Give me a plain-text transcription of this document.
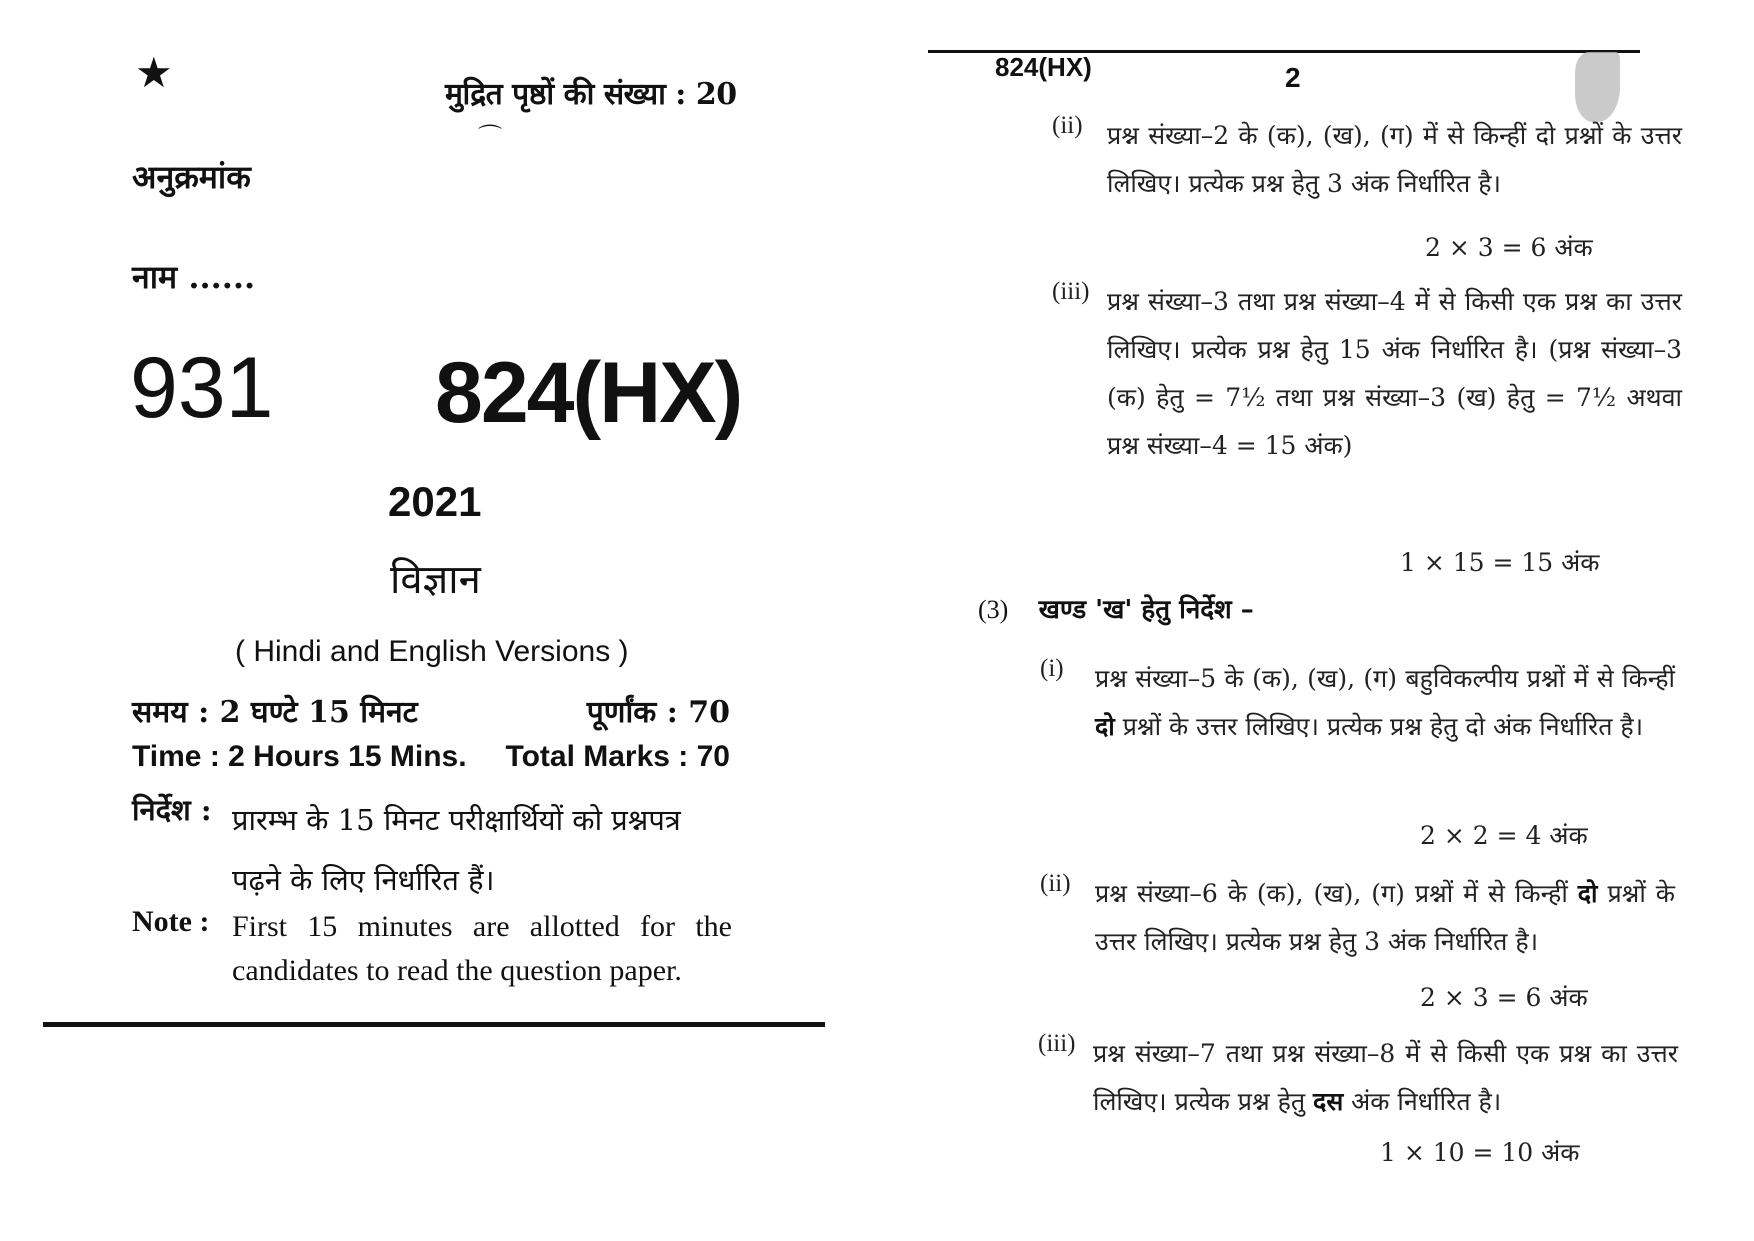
★	मुद्रित पृष्ठों की संख्या : 20
⌒
अनुक्रमांक
नाम ......
931 824(HX)
2021
विज्ञान
( Hindi and English Versions )
समय : 2 घण्टे 15 मिनट	पूर्णांक : 70
Time : 2 Hours 15 Mins. Total Marks : 70
निर्देश : प्रारम्भ के 15 मिनट परीक्षार्थियों को प्रश्नपत्र पढ़ने के लिए निर्धारित हैं।
Note : First 15 minutes are allotted for the candidates to read the question paper.
824(HX)	2
(ii) प्रश्न संख्या–2 के (क), (ख), (ग) में से किन्हीं दो प्रश्नों के उत्तर लिखिए। प्रत्येक प्रश्न हेतु 3 अंक निर्धारित है।
2 × 3 = 6 अंक
(iii) प्रश्न संख्या–3 तथा प्रश्न संख्या–4 में से किसी एक प्रश्न का उत्तर लिखिए। प्रत्येक प्रश्न हेतु 15 अंक निर्धारित है। (प्रश्न संख्या–3 (क) हेतु = 7½ तथा प्रश्न संख्या–3 (ख) हेतु = 7½ अथवा प्रश्न संख्या–4 = 15 अंक)
1 × 15 = 15 अंक
(3) खण्ड 'ख' हेतु निर्देश –
(i) प्रश्न संख्या–5 के (क), (ख), (ग) बहुविकल्पीय प्रश्नों में से किन्हीं दो प्रश्नों के उत्तर लिखिए। प्रत्येक प्रश्न हेतु दो अंक निर्धारित है।
2 × 2 = 4 अंक
(ii) प्रश्न संख्या–6 के (क), (ख), (ग) प्रश्नों में से किन्हीं दो प्रश्नों के उत्तर लिखिए। प्रत्येक प्रश्न हेतु 3 अंक निर्धारित है।
2 × 3 = 6 अंक
(iii) प्रश्न संख्या–7 तथा प्रश्न संख्या–8 में से किसी एक प्रश्न का उत्तर लिखिए। प्रत्येक प्रश्न हेतु दस अंक निर्धारित है।
1 × 10 = 10 अंक
